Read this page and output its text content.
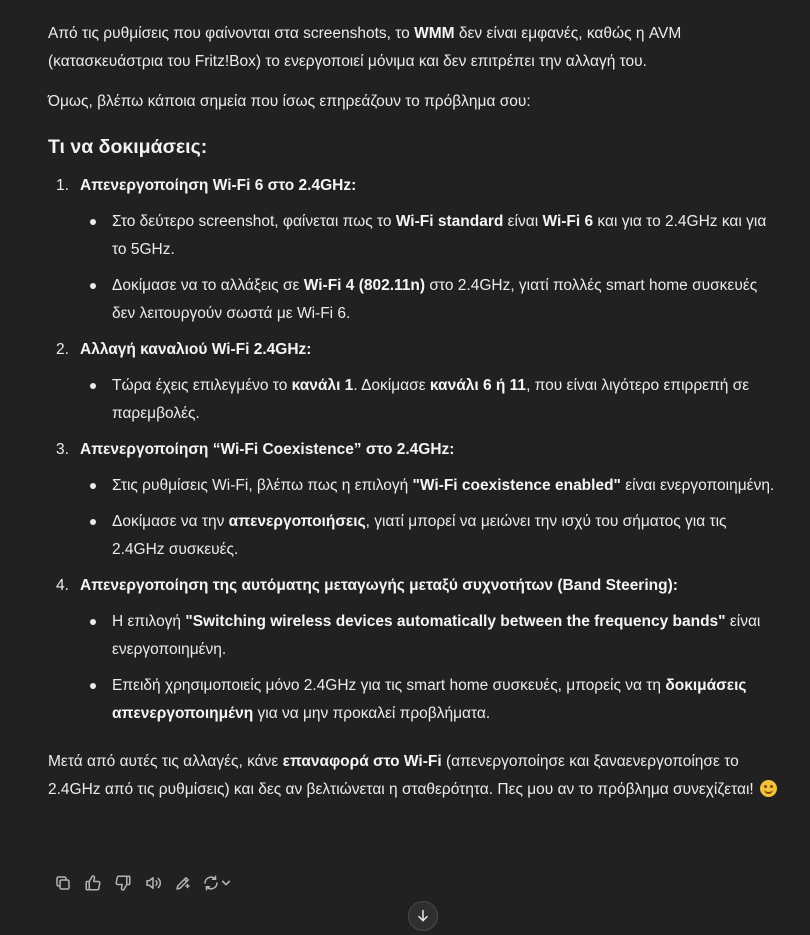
Από τις ρυθμίσεις που φαίνονται στα screenshots, το WMM δεν είναι εμφανές, καθώς η AVM (κατασκευάστρια του Fritz!Box) το ενεργοποιεί μόνιμα και δεν επιτρέπει την αλλαγή του.

Όμως, βλέπω κάποια σημεία που ίσως επηρεάζουν το πρόβλημα σου:

Τι να δοκιμάσεις:
1. Απενεργοποίηση Wi-Fi 6 στο 2.4GHz:
Στο δεύτερο screenshot, φαίνεται πως το Wi-Fi standard είναι Wi-Fi 6 και για το 2.4GHz και για το 5GHz.
Δοκίμασε να το αλλάξεις σε Wi-Fi 4 (802.11n) στο 2.4GHz, γιατί πολλές smart home συσκευές δεν λειτουργούν σωστά με Wi-Fi 6.
2. Αλλαγή καναλιού Wi-Fi 2.4GHz:
Τώρα έχεις επιλεγμένο το κανάλι 1. Δοκίμασε κανάλι 6 ή 11, που είναι λιγότερο επιρρεπή σε παρεμβολές.
3. Απενεργοποίηση “Wi-Fi Coexistence” στο 2.4GHz:
Στις ρυθμίσεις Wi-Fi, βλέπω πως η επιλογή "Wi-Fi coexistence enabled" είναι ενεργοποιημένη.
Δοκίμασε να την απενεργοποιήσεις, γιατί μπορεί να μειώνει την ισχύ του σήματος για τις 2.4GHz συσκευές.
4. Απενεργοποίηση της αυτόματης μεταγωγής μεταξύ συχνοτήτων (Band Steering):
Η επιλογή "Switching wireless devices automatically between the frequency bands" είναι ενεργοποιημένη.
Επειδή χρησιμοποιείς μόνο 2.4GHz για τις smart home συσκευές, μπορείς να τη δοκιμάσεις απενεργοποιημένη για να μην προκαλεί προβλήματα.

Μετά από αυτές τις αλλαγές, κάνε επαναφορά στο Wi-Fi (απενεργοποίησε και ξαναενεργοποίησε το 2.4GHz από τις ρυθμίσεις) και δες αν βελτιώνεται η σταθερότητα. Πες μου αν το πρόβλημα συνεχίζεται!
